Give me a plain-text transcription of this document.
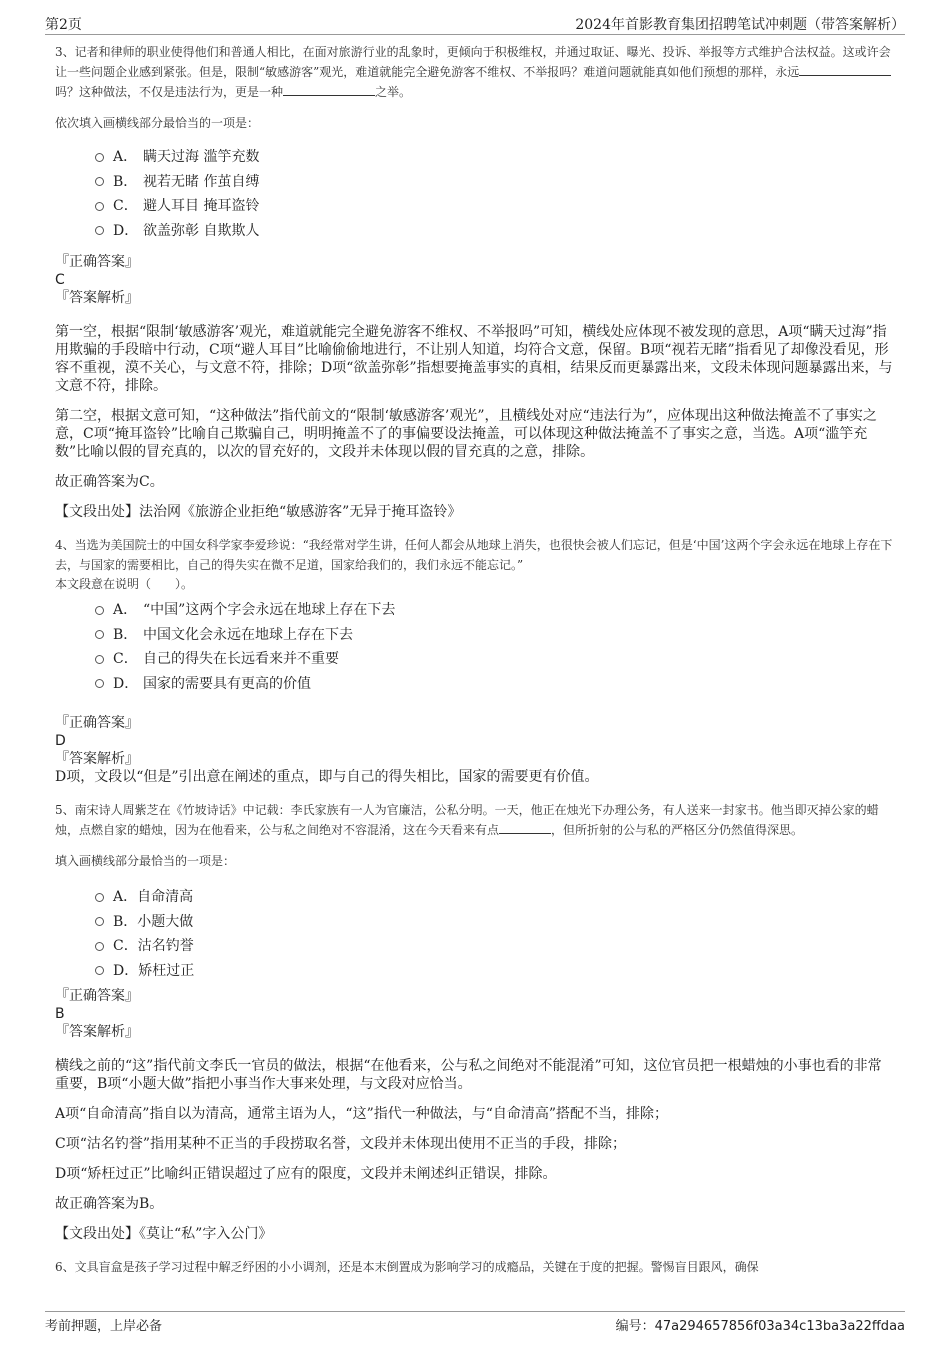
第2页	2024年首影教育集团招聘笔试冲刺题（带答案解析）

3、记者和律师的职业使得他们和普通人相比，在面对旅游行业的乱象时，更倾向于积极维权，并通过取证、曝光、投诉、举报等方式维护合法权益。这或许会让一些问题企业感到紧张。但是，限制“敏感游客”观光，难道就能完全避免游客不维权、不举报吗？难道问题就能真如他们预想的那样，永远吗？这种做法，不仅是违法行为，更是一种	之举。

依次填入画横线部分最恰当的一项是：

A． 瞒天过海 滥竽充数
B． 视若无睹 作茧自缚
C． 避人耳目 掩耳盗铃
D． 欲盖弥彰 自欺欺人

『正确答案』

C

『答案解析』

第一空，根据“限制‘敏感游客’观光，难道就能完全避免游客不维权、不举报吗”可知，横线处应体现不被发现的意思，A项“瞒天过海”指用欺骗的手段暗中行动，C项“避人耳目”比喻偷偷地进行，不让别人知道，均符合文意，保留。B项“视若无睹”指看见了却像没看见，形容不重视，漠不关心，与文意不符，排除；D项“欲盖弥彰”指想要掩盖事实的真相，结果反而更暴露出来，文段未体现问题暴露出来，与文意不符，排除。

第二空，根据文意可知，“这种做法”指代前文的“限制‘敏感游客’观光”，且横线处对应“违法行为”，应体现出这种做法掩盖不了事实之意，C项“掩耳盗铃”比喻自己欺骗自己，明明掩盖不了的事偏要设法掩盖，可以体现这种做法掩盖不了事实之意，当选。A项“滥竽充数”比喻以假的冒充真的，以次的冒充好的，文段并未体现以假的冒充真的之意，排除。

故正确答案为C。

【文段出处】法治网《旅游企业拒绝“敏感游客”无异于掩耳盗铃》

4、当选为美国院士的中国女科学家李爱珍说：“我经常对学生讲，任何人都会从地球上消失，也很快会被人们忘记，但是‘中国’这两个字会永远在地球上存在下去，与国家的需要相比，自己的得失实在微不足道，国家给我们的，我们永远不能忘记。”

本文段意在说明（　　）。

A． “中国”这两个字会永远在地球上存在下去
B． 中国文化会永远在地球上存在下去
C． 自己的得失在长远看来并不重要
D． 国家的需要具有更高的价值

『正确答案』

D

『答案解析』

D项，文段以“但是”引出意在阐述的重点，即与自己的得失相比，国家的需要更有价值。

5、南宋诗人周紫芝在《竹坡诗话》中记载：李氏家族有一人为官廉洁，公私分明。一天，他正在烛光下办理公务，有人送来一封家书。他当即灭掉公家的蜡烛，点燃自家的蜡烛，因为在他看来，公与私之间绝对不容混淆，这在今天看来有点	，但所折射的公与私的严格区分仍然值得深思。

填入画横线部分最恰当的一项是：

A． 自命清高
B． 小题大做
C． 沽名钓誉
D． 矫枉过正

『正确答案』

B

『答案解析』

横线之前的“这”指代前文李氏一官员的做法，根据“在他看来，公与私之间绝对不能混淆”可知，这位官员把一根蜡烛的小事也看的非常重要，B项“小题大做”指把小事当作大事来处理，与文段对应恰当。

A项“自命清高”指自以为清高，通常主语为人，“这”指代一种做法，与“自命清高”搭配不当，排除；

C项“沽名钓誉”指用某种不正当的手段捞取名誉，文段并未体现出使用不正当的手段，排除；

D项“矫枉过正”比喻纠正错误超过了应有的限度，文段并未阐述纠正错误，排除。

故正确答案为B。

【文段出处】《莫让“私”字入公门》

6、文具盲盒是孩子学习过程中解乏纾困的小小调剂，还是本末倒置成为影响学习的成瘾品，关键在于度的把握。警惕盲目跟风，确保

考前押题，上岸必备	编号：47a294657856f03a34c13ba3a22ffdaa
